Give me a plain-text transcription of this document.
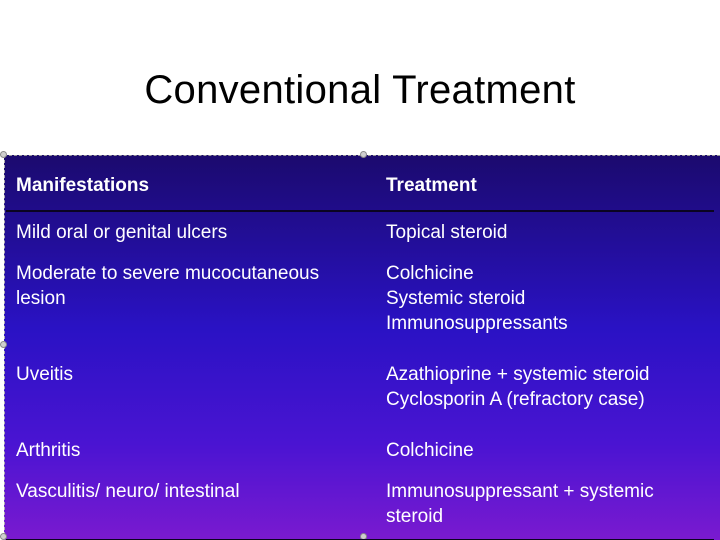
Conventional Treatment
Manifestations	Treatment

Mild oral or genital ulcers	Topical steroid

Moderate to severe mucocutaneous
lesion	Colchicine
Systemic steroid
Immunosuppressants

Uveitis	Azathioprine + systemic steroid
Cyclosporin A (refractory case)

Arthritis	Colchicine

Vasculitis/ neuro/ intestinal	Immunosuppressant + systemic
steroid
